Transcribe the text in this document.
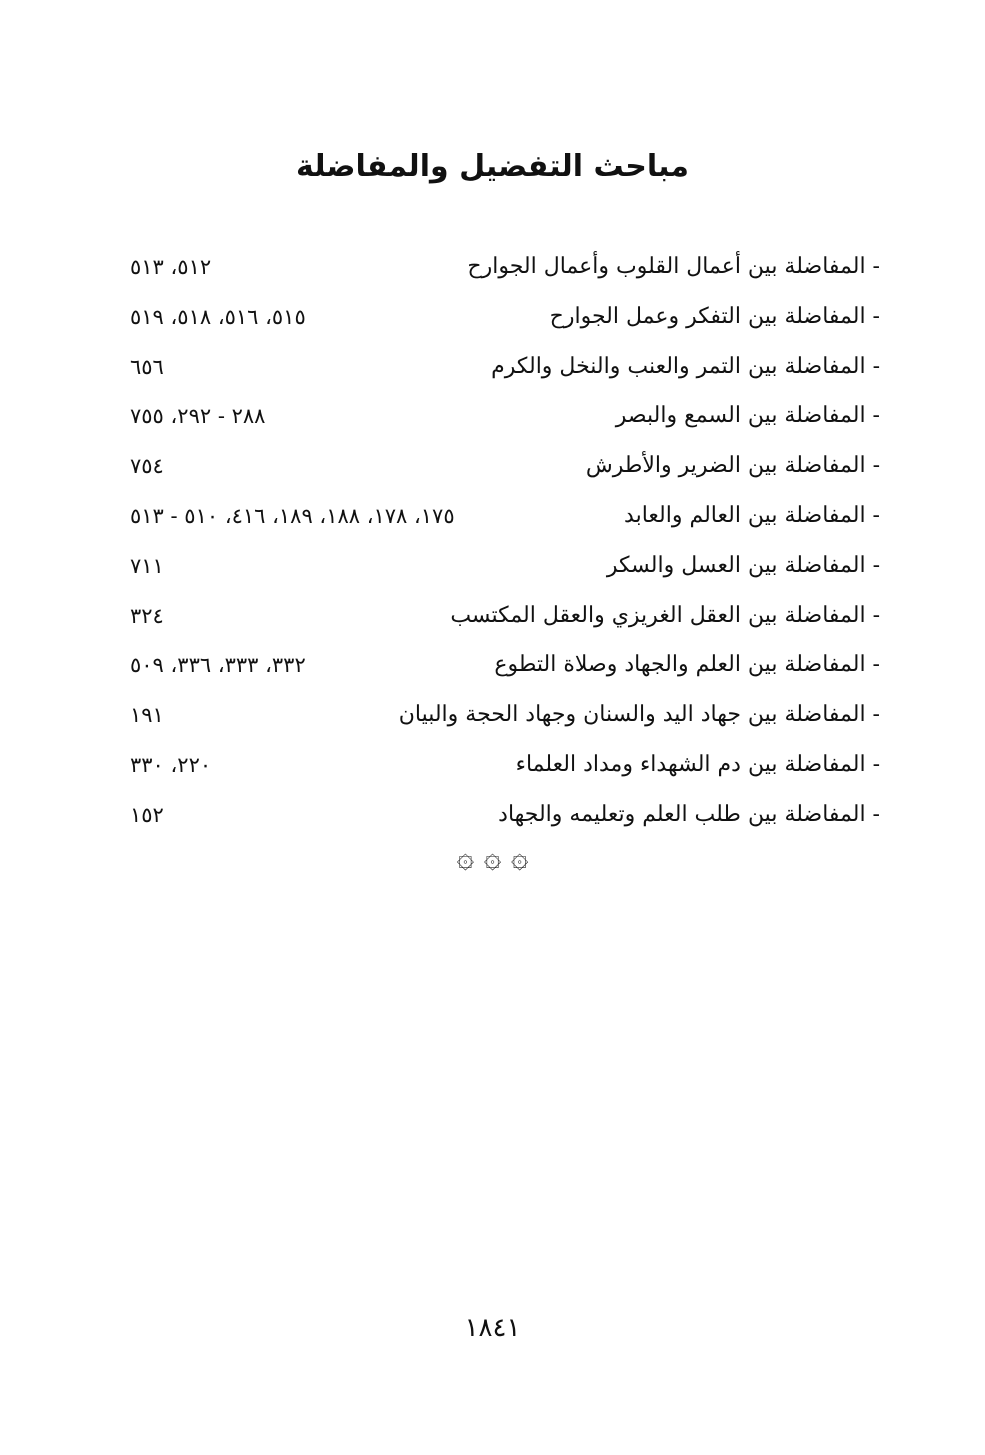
مباحث التفضيل والمفاضلة
- المفاضلة بين أعمال القلوب وأعمال الجوارح
٥١٢، ٥١٣
- المفاضلة بين التفكر وعمل الجوارح
٥١٥، ٥١٦، ٥١٨، ٥١٩
- المفاضلة بين التمر والعنب والنخل والكرم
٦٥٦
- المفاضلة بين السمع والبصر
٢٨٨ - ٢٩٢، ٧٥٥
- المفاضلة بين الضرير والأطرش
٧٥٤
- المفاضلة بين العالم والعابد
١٧٥، ١٧٨، ١٨٨، ١٨٩، ٤١٦، ٥١٠ - ٥١٣
- المفاضلة بين العسل والسكر
٧١١
- المفاضلة بين العقل الغريزي والعقل المكتسب
٣٢٤
- المفاضلة بين العلم والجهاد وصلاة التطوع
٣٣٢، ٣٣٣، ٣٣٦، ٥٠٩
- المفاضلة بين جهاد اليد والسنان وجهاد الحجة والبيان
١٩١
- المفاضلة بين دم الشهداء ومداد العلماء
٢٢٠، ٣٣٠
- المفاضلة بين طلب العلم وتعليمه والجهاد
١٥٢
۞ ۞ ۞
١٨٤١
